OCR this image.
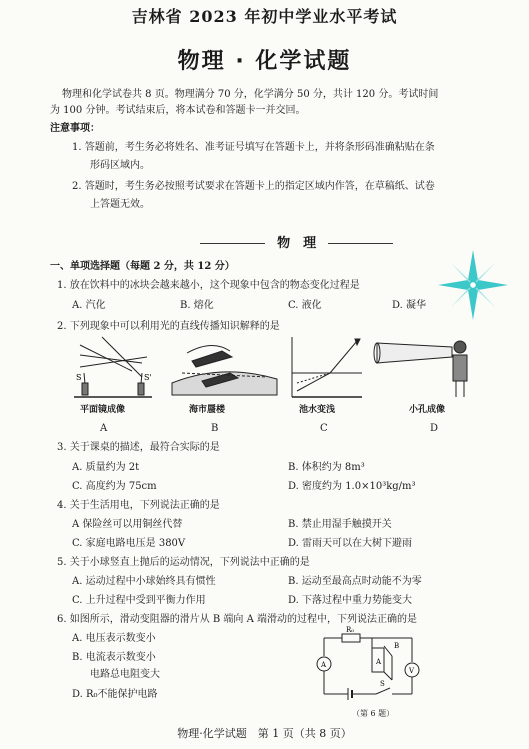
吉林省 2023 年初中学业水平考试
物理 · 化学试题
物理和化学试卷共 8 页。物理满分 70 分，化学满分 50 分，共计 120 分。考试时间
为 100 分钟。考试结束后，将本试卷和答题卡一并交回。
注意事项：
1. 答题前，考生务必将姓名、准考证号填写在答题卡上，并将条形码准确粘贴在条
形码区域内。
2. 答题时，考生务必按照考试要求在答题卡上的指定区域内作答，在草稿纸、试卷
上答题无效。
物　理
一、单项选择题（每题 2 分，共 12 分）
1. 放在饮料中的冰块会越来越小，这个现象中包含的物态变化过程是
A. 汽化	B. 熔化	C. 液化	D. 凝华
2. 下列现象中可以利用光的直线传播知识解释的是
S	S'
平面镜成像	海市蜃楼	池水变浅	小孔成像
A	B	C	D
3. 关于课桌的描述，最符合实际的是
A. 质量约为 2t	B. 体积约为 8m³
C. 高度约为 75cm	D. 密度约为 1.0×10³kg/m³
4. 关于生活用电，下列说法正确的是
A 保险丝可以用铜丝代替	B. 禁止用湿手触摸开关
C. 家庭电路电压是 380V	D. 雷雨天可以在大树下避雨
5. 关于小球竖直上抛后的运动情况，下列说法中正确的是
A. 运动过程中小球始终具有惯性	B. 运动至最高点时动能不为零
C. 上升过程中受到平衡力作用	D. 下落过程中重力势能变大
6. 如图所示，滑动变阻器的滑片从 B 端向 A 端滑动的过程中，下列说法正确的是
A. 电压表示数变小
B. 电流表示数变小
电路总电阻变大
D. R₀不能保护电路
R₀
A
B
S
A
V
（第 6 题）
物理·化学试题　第 1 页（共 8 页）
